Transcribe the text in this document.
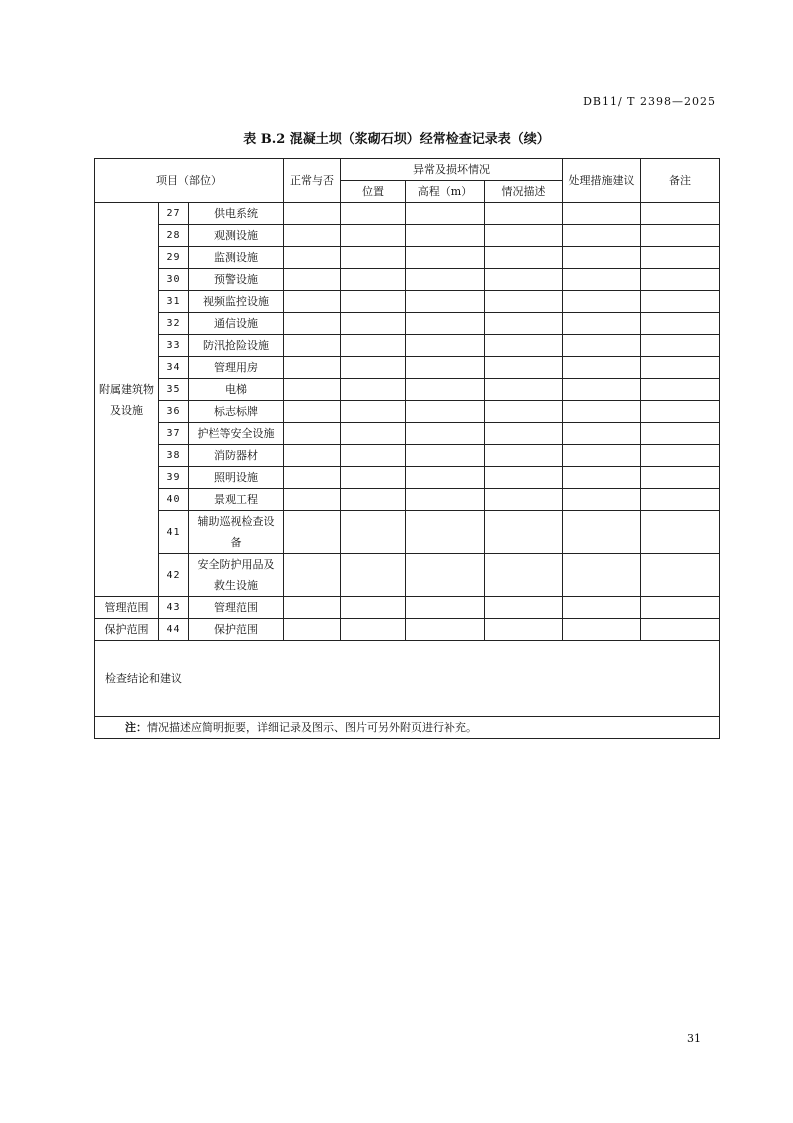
DB11/ T 2398—2025
表 B.2 混凝土坝（浆砌石坝）经常检查记录表（续）
项目（部位）			正常与否	异常及损坏情况			处理措施建议	备注
				位置	高程（m）	情况描述		

附属建筑物
及设施	27	供电系统						
	28	观测设施						
	29	监测设施						
	30	预警设施						
	31	视频监控设施						
	32	通信设施						
	33	防汛抢险设施						
	34	管理用房						
	35	电梯						
	36	标志标牌						
	37	护栏等安全设施						
	38	消防器材						
	39	照明设施						
	40	景观工程						
	41	辅助巡视检查设
备						

	42	安全防护用品及
救生设施						

管理范围	43	管理范围						
保护范围	44	保护范围						
检查结论和建议								
注：情况描述应简明扼要，详细记录及图示、图片可另外附页进行补充。								
31
